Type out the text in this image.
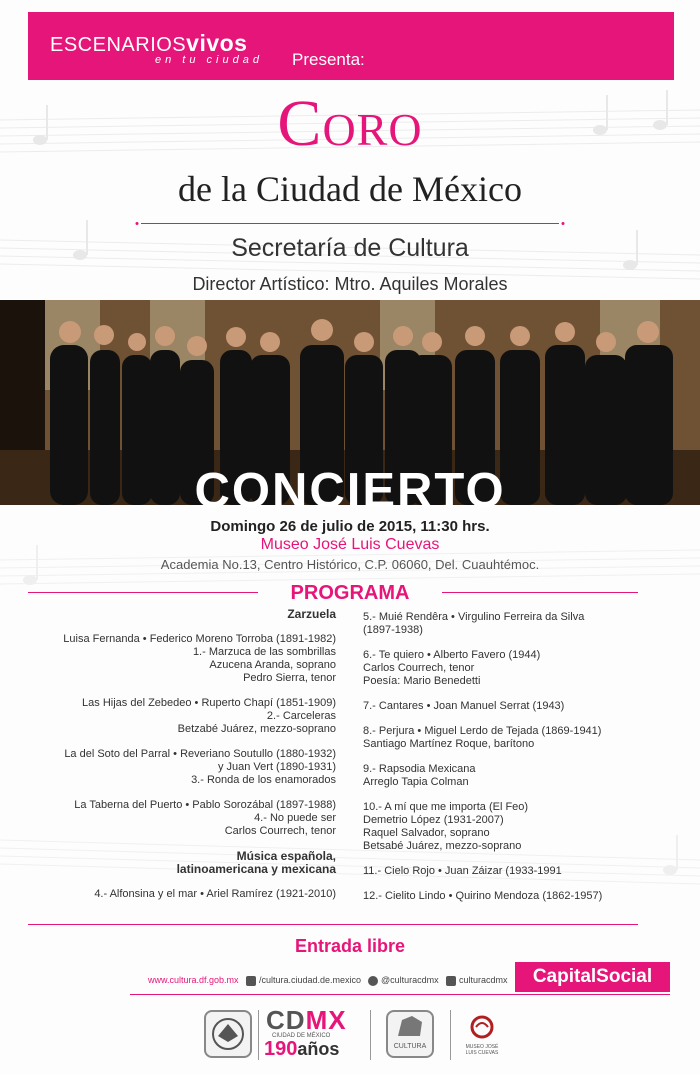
ESCENARIOSvivos
en tu ciudad Presenta:
Coro
de la Ciudad de México
Secretaría de Cultura
Director Artístico: Mtro. Aquiles Morales
CONCIERTO
Domingo 26 de julio de 2015, 11:30 hrs.
Museo José Luis Cuevas
Academia No.13, Centro Histórico, C.P. 06060, Del. Cuauhtémoc.
PROGRAMA
Zarzuela
Luisa Fernanda • Federico Moreno Torroba (1891-1982)
1.- Marzuca de las sombrillas
Azucena Aranda, soprano
Pedro Sierra, tenor
Las Hijas del Zebedeo • Ruperto Chapí (1851-1909)
2.- Carceleras
Betzabé Juárez, mezzo-soprano
La del Soto del Parral • Reveriano Soutullo (1880-1932)
y Juan Vert (1890-1931)
3.- Ronda de los enamorados
La Taberna del Puerto • Pablo Sorozábal (1897-1988)
4.- No puede ser
Carlos Courrech, tenor
Música española,
latinoamericana y mexicana
4.- Alfonsina y el mar • Ariel Ramírez (1921-2010)
5.- Muié Rendêra • Virgulino Ferreira da Silva
(1897-1938)
6.- Te quiero • Alberto Favero (1944)
Carlos Courrech, tenor
Poesía: Mario Benedetti
7.- Cantares • Joan Manuel Serrat (1943)
8.- Perjura • Miguel Lerdo de Tejada (1869-1941)
Santiago Martínez Roque, barítono
9.- Rapsodia Mexicana
Arreglo Tapia Colman
10.- A mí que me importa (El Feo)
Demetrio López (1931-2007)
Raquel Salvador, soprano
Betsabé Juárez, mezzo-soprano
11.- Cielo Rojo • Juan Záizar (1933-1991
12.- Cielito Lindo • Quirino Mendoza (1862-1957)
Entrada libre
www.cultura.df.gob.mx	/cultura.ciudad.de.mexico	@culturacdmx	culturacdmx	CapitalSocial
CDMX
CIUDAD DE MÉXICO
190años	CULTURA	MUSEO JOSÉ LUIS CUEVAS
